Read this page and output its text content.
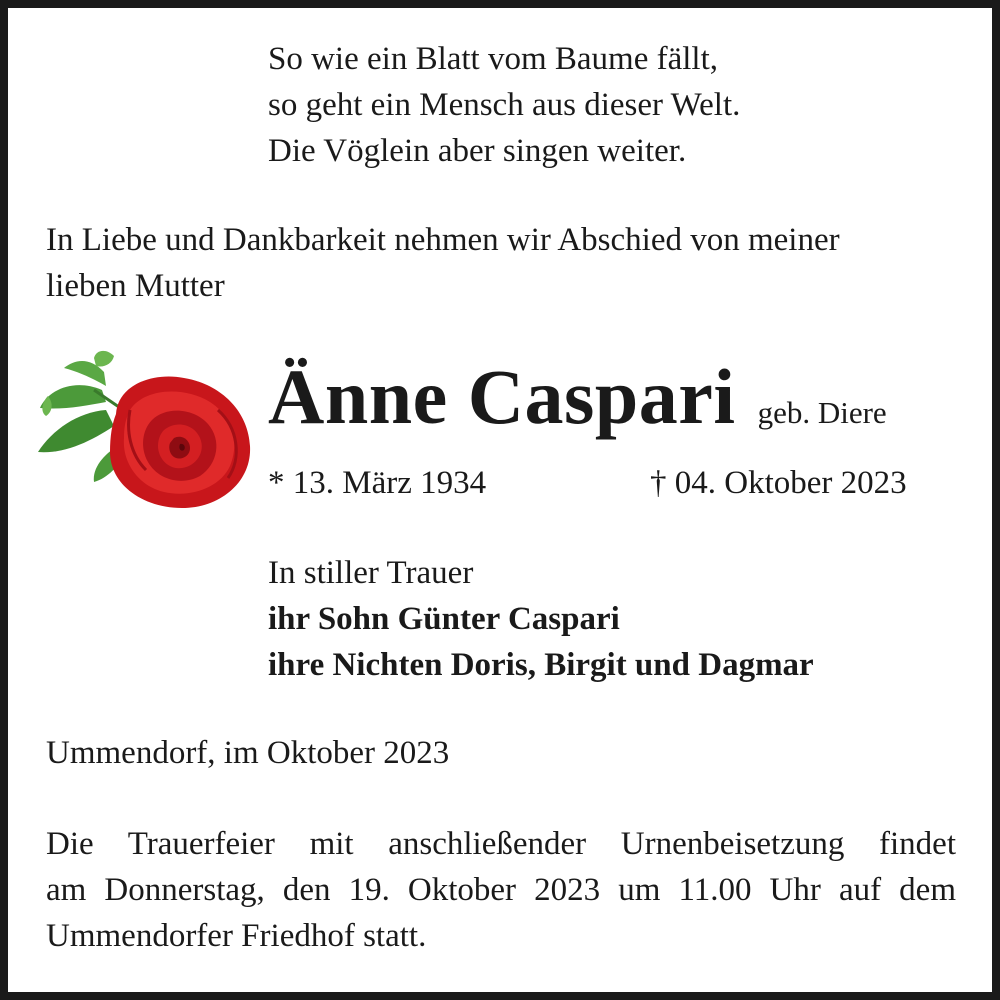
So wie ein Blatt vom Baume fällt,
so geht ein Mensch aus dieser Welt.
Die Vöglein aber singen weiter.
In Liebe und Dankbarkeit nehmen wir Abschied von meiner
lieben Mutter
Änne Caspari geb. Diere
* 13. März 1934	† 04. Oktober 2023
In stiller Trauer
ihr Sohn Günter Caspari
ihre Nichten Doris, Birgit und Dagmar
Ummendorf, im Oktober 2023
Die Trauerfeier mit anschließender Urnenbeisetzung findet
am Donnerstag, den 19. Oktober 2023 um 11.00 Uhr auf dem
Ummendorfer Friedhof statt.
